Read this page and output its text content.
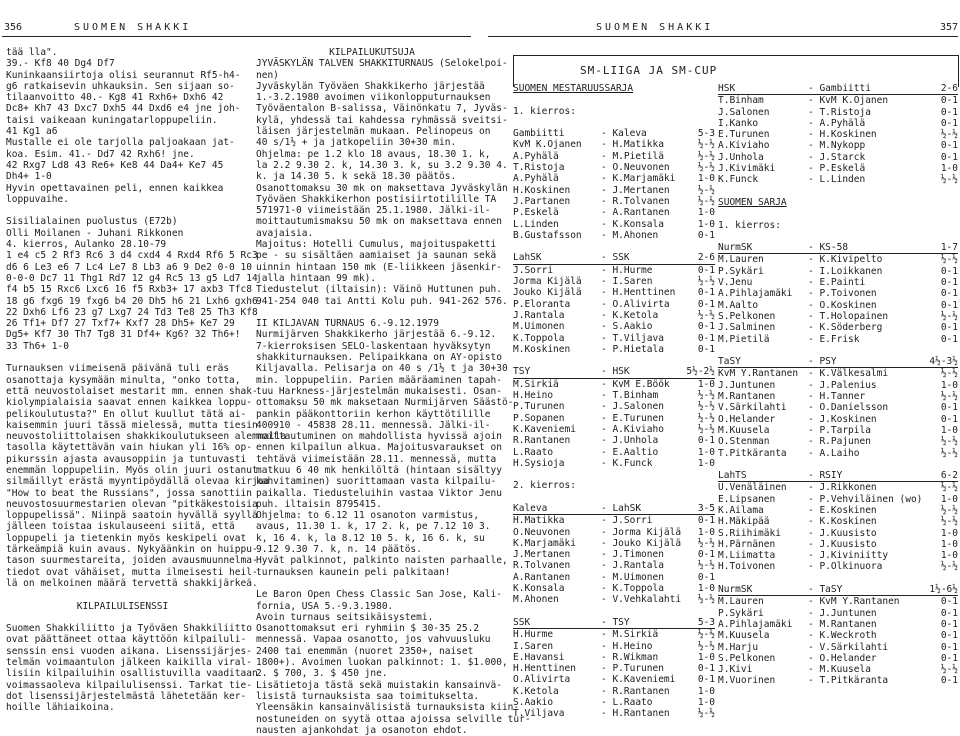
356	SUOMEN SHAKKI	SUOMEN SHAKKI	357
tää lla".
39.- Kf8 40 Dg4 Df7
Kuninkaansiirtoja olisi seurannut Rf5-h4-
g6 ratkaisevin uhkauksin. Sen sijaan so-
tilaanvoitto 40.- Kg8 41 Rxh6+ Dxh6 42
Dc8+ Kh7 43 Dxc7 Dxh5 44 Dxd6 e4 jne joh-
taisi vaikeaan kuningatarloppupeliin.
41 Kg1 a6
Mustalle ei ole tarjolla paljoakaan jat-
koa. Esim. 41.- Dd7 42 Rxh6! jne.
42 Rxg7 Ld8 43 Re6+ Ke8 44 Da4+ Ke7 45
Dh4+ 1-0
Hyvin opettavainen peli, ennen kaikkea
loppuvaihe.
Sisilialainen puolustus (E72b)
Olli Moilanen - Juhani Rikkonen
4. kierros, Aulanko 28.10-79
1 e4 c5 2 Rf3 Rc6 3 d4 cxd4 4 Rxd4 Rf6 5 Rc3
d6 6 Le3 e6 7 Lc4 Le7 8 Lb3 a6 9 De2 0-0 10
0-0-0 Dc7 11 Thg1 Rd7 12 g4 Rc5 13 g5 Ld7 14
f4 b5 15 Rxc6 Lxc6 16 f5 Rxb3+ 17 axb3 Tfc8
18 g6 fxg6 19 fxg6 b4 20 Dh5 h6 21 Lxh6 gxh6
22 Dxh6 Lf6 23 g7 Lxg7 24 Td3 Te8 25 Th3 Kf8
26 Tf1+ Df7 27 Txf7+ Kxf7 28 Dh5+ Ke7 29
Dg5+ Kf7 30 Th7 Tg8 31 Df4+ Kg6? 32 Th6+!
33 Th6+ 1-0
Turnauksen viimeisenä päivänä tuli eräs
osanottaja kysymään minulta, "onko totta,
että neuvostolaiset mestarit mm. ennen shak-
kiolympialaisia saavat ennen kaikkea loppu-
pelikoulutusta?" En ollut kuullut tätä ai-
kaisemmin juuri tässä mielessä, mutta tiesin
neuvostoliittolaisen shakkikoulutukseen alemmalla
tasolla käytettävän vain hiukan yli 16% op-
pikurssin ajasta avausoppiin ja tuntuvasti
enemmän loppupeliin. Myös olin juuri ostanut
silmäillyt erästä myyntipöydällä olevaa kirjaa
"How to beat the Russians", jossa sanottiin
neuvostosuurmestarien olevan "pitkäkestoisia
loppupelissä". Niinpä saatoin hyvällä syyllä
jälleen toistaa iskulauseeni siitä, että
loppupeli ja tietenkin myös keskipeli ovat
tärkeämpiä kuin avaus. Nykyäänkin on huippu-
tason suurmestareita, joiden avausmuunnelma-
tiedot ovat vähäiset, mutta ilmeisesti heil-
lä on melkoinen määrä tervettä shakkijärkeä.
KILPAILULISENSSI
Suomen Shakkiliitto ja Työväen Shakkiliitto
ovat päättäneet ottaa käyttöön kilpailuli-
senssin ensi vuoden aikana. Lisenssijärjes-
telmän voimaantulon jälkeen kaikilla viral-
lisiin kilpailuihin osallistuvilla vaaditaan
voimassaoleva kilpailulisenssi. Tarkat tie-
dot lisenssijärjestelmästä lähetetään ker-
hoille lähiaikoina.
KILPAILUKUTSUJA
JYVÄSKYLÄN TALVEN SHAKKITURNAUS (Selokelpoi-
nen)
Jyväskylän Työväen Shakkikerho järjestää
1.-3.2.1980 avoimen viikonlopputurnauksen
Työväentalon B-salissa, Väinönkatu 7, Jyväs-
kylä, yhdessä tai kahdessa ryhmässä sveitsi-
läisen järjestelmän mukaan. Pelinopeus on
40 s/1½ + ja jatkopeliin 30+30 min.
Ohjelma: pe 1.2 klo 18 avaus, 18.30 1. k,
la 2.2 9.30 2. k, 14.30 3. k, su 3.2 9.30 4.
k. ja 14.30 5. k sekä 18.30 päätös.
Osanottomaksu 30 mk on maksettava Jyväskylän
Työväen Shakkikerhon postisiirtotilille TA
571971-0 viimeistään 25.1.1980. Jälki-il-
moittautumismaksu 50 mk on maksettava ennen
avajaisia.
Majoitus: Hotelli Cumulus, majoituspaketti
pe - su sisältäen aamiaiset ja saunan sekä
uinnin hintaan 150 mk (E-liikkeen jäsenkir-
jalla hintaan 99 mk).
Tiedustelut (iltaisin): Väinö Huttunen puh.
941-254 040 tai Antti Kolu puh. 941-262 576.
II KILJAVAN TURNAUS 6.-9.12.1979
Nurmijärven Shakkikerho järjestää 6.-9.12.
7-kierroksisen SELO-laskentaan hyväksytyn
shakkiturnauksen. Pelipaikkana on AY-opisto
Kiljavalla. Pelisarja on 40 s /1½ t ja 30+30
min. loppupeliin. Parien määräaminen tapah-
tuu Harkness-järjestelmän mukaisesti. Osan-
ottomaksu 50 mk maksetaan Nurmijärven Säästö-
pankin pääkonttoriin kerhon käyttötilille
400910 - 45838 28.11. mennessä. Jälki-il-
moittautuminen on mahdollista hyvissä ajoin
ennen kilpailun alkua. Majoitusvaraukset on
tehtävä viimeistään 28.11. mennessä, mutta
matkuu 6 40 mk henkilöltä (hintaan sisältyy
kahvitaminen) suorittamaan vasta kilpailu-
paikalla. Tiedusteluihin vastaa Viktor Jenu
puh. iltaisin 8795415.
Ohjelma: to 6.12 11 osanoton varmistus,
avaus, 11.30 1. k, 17 2. k, pe 7.12 10 3.
k, 16 4. k, la 8.12 10 5. k, 16 6. k, su
9.12 9.30 7. k, n. 14 päätös.
Hyvät palkinnot, palkinto naisten parhaalle,
turnauksen kaunein peli palkitaan!
Le Baron Open Chess Classic San Jose, Kali-
fornia, USA 5.-9.3.1980.
Avoin turnaus seitsikäisystemi.
Osanottomaksut eri ryhmiin $ 30-35 25.2
mennessä. Vapaa osanotto, jos vahvuusluku
2400 tai enemmän (nuoret 2350+, naiset
1800+). Avoimen luokan palkinnot: 1. $1.000,
2. $ 700, 3. $ 450 jne.
Lisätietoja tästä sekä muistakin kansainvä-
lisistä turnauksista saa toimitukselta.
Yleensäkin kansainvälisistä turnauksista kiin-
nostuneiden on syytä ottaa ajoissa selville tur-
nausten ajankohdat ja osanoton ehdot.
SM-LIIGA JA SM-CUP
SUOMEN MESTARUUSSARJA
1. kierros:
Gambiitti	- Kaleva	5-3
KvM K.Ojanen	- H.Matikka	½-½
A.Pyhälä	- M.Pietilä	½-½
T.Ristoja	- O.Neuvonen	½-½
A.Pyhälä	- K.Marjamäki	1-0
H.Koskinen	- J.Mertanen	½-½
J.Partanen	- R.Tolvanen	½-½
P.Eskelä	- A.Rantanen	1-0
L.Linden	- K.Konsala	1-0
B.Gustafsson	- M.Ahonen	0-1
LahSK	- SSK	2-6
J.Sorri	- H.Hurme	0-1
Jorma Kijälä	- I.Saren	½-½
Jouko Kijälä	- H.Henttinen	0-1
P.Eloranta	- O.Alivirta	0-1
J.Rantala	- K.Ketola	½-½
M.Uimonen	- S.Aakio	0-1
K.Toppola	- T.Viljava	0-1
M.Koskinen	- P.Hietala	0-1
TSY	- HSK	5½-2½
M.Sirkiä	- KvM E.Böök	1-0
H.Heino	- T.Binham	½-½
P.Turunen	- J.Salonen	½-½
P.Sopanen	- E.Turunen	½-½
K.Kaveniemi	- A.Kiviaho	½-½
R.Rantanen	- J.Unhola	0-1
L.Raato	- E.Aaltio	1-0
H.Sysioja	- K.Funck	1-0
2. kierros:
Kaleva	- LahSK	3-5
H.Matikka	- J.Sorri	0-1
O.Neuvonen	- Jorma Kijälä	1-0
K.Marjamäki	- Jouko Kijälä	½-½
J.Mertanen	- J.Timonen	0-1
R.Tolvanen	- J.Rantala	½-½
A.Rantanen	- M.Uimonen	0-1
K.Konsala	- K.Toppola	1-0
M.Ahonen	- V.Vehkalahti	½-½
SSK	- TSY	5-3
H.Hurme	- M.Sirkiä	½-½
I.Saren	- H.Heino	½-½
E.Havansi	- R.Wikman	1-0
H.Henttinen	- P.Turunen	0-1
O.Alivirta	- K.Kaveniemi	0-1
K.Ketola	- R.Rantanen	1-0
S.Aakio	- L.Raato	1-0
T.Viljava	- H.Rantanen	½-½
HSK	- Gambiitti	2-6
T.Binham	- KvM K.Ojanen	0-1
J.Salonen	- T.Ristoja	0-1
I.Kanko	- A.Pyhälä	0-1
E.Turunen	- H.Koskinen	½-½
A.Kiviaho	- M.Nykopp	0-1
J.Unhola	- J.Starck	0-1
J.Kivimäki	- P.Eskelä	1-0
K.Funck	- L.Linden	½-½
SUOMEN SARJA
1. kierros:
NurmSK	- KS-58	1-7
M.Lauren	- K.Kivipelto	½-½
P.Sykäri	- I.Loikkanen	0-1
V.Jenu	- E.Painti	0-1
A.Pihlajamäki	- P.Toivonen	0-1
M.Aalto	- O.Koskinen	0-1
S.Pelkonen	- T.Holopainen	½-½
J.Salminen	- K.Söderberg	0-1
M.Pietilä	- E.Frisk	0-1
TaSY	- PSY	4½-3½
KvM Y.Rantanen	- K.Välkesalmi	½-½
J.Juntunen	- J.Palenius	1-0
M.Rantanen	- H.Tanner	½-½
V.Särkilahti	- O.Danielsson	0-1
O.Helander	- J.Koskinen	0-1
M.Kuusela	- P.Tarpila	1-0
O.Stenman	- R.Pajunen	½-½
T.Pitkäranta	- A.Laiho	½-½
LahTS	- RSIY	6-2
U.Venäläinen	- J.Rikkonen	½-½
E.Lipsanen	- P.Vehviläinen (wo)	1-0
K.Ailama	- E.Koskinen	½-½
H.Mäkipää	- K.Koskinen	½-½
S.Riihimäki	- J.Kuusisto	1-0
H.Pärnänen	- J.Kuusisto	1-0
M.Liimatta	- J.Kiviniitty	1-0
H.Toivonen	- P.Olkinuora	½-½
NurmSK	- TaSY	1½-6½
M.Lauren	- KvM Y.Rantanen	0-1
P.Sykäri	- J.Juntunen	0-1
A.Pihlajamäki	- M.Rantanen	0-1
M.Kuusela	- K.Weckroth	0-1
M.Harju	- V.Särkilahti	0-1
S.Pelkonen	- O.Helander	0-1
J.Kivi	- M.Kuusela	½-½
M.Vuorinen	- T.Pitkäranta	0-1
